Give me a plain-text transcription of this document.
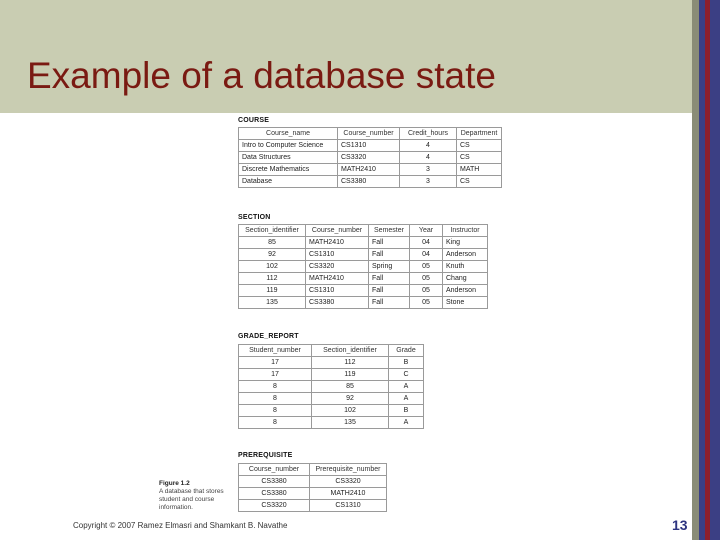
Example of a database state
COURSE
Course_name	Course_number	Credit_hours	Department
Intro to Computer Science	CS1310	4	CS
Data Structures	CS3320	4	CS
Discrete Mathematics	MATH2410	3	MATH
Database	CS3380	3	CS
SECTION
Section_identifier	Course_number	Semester	Year	Instructor
85	MATH2410	Fall	04	King
92	CS1310	Fall	04	Anderson
102	CS3320	Spring	05	Knuth
112	MATH2410	Fall	05	Chang
119	CS1310	Fall	05	Anderson
135	CS3380	Fall	05	Stone
GRADE_REPORT
Student_number	Section_identifier	Grade
17	112	B
17	119	C
8	85	A
8	92	A
8	102	B
8	135	A
PREREQUISITE
Course_number	Prerequisite_number
CS3380	CS3320
CS3380	MATH2410
CS3320	CS1310
Figure 1.2
A database that stores student and course information.
Copyright © 2007 Ramez Elmasri and Shamkant B. Navathe	13
